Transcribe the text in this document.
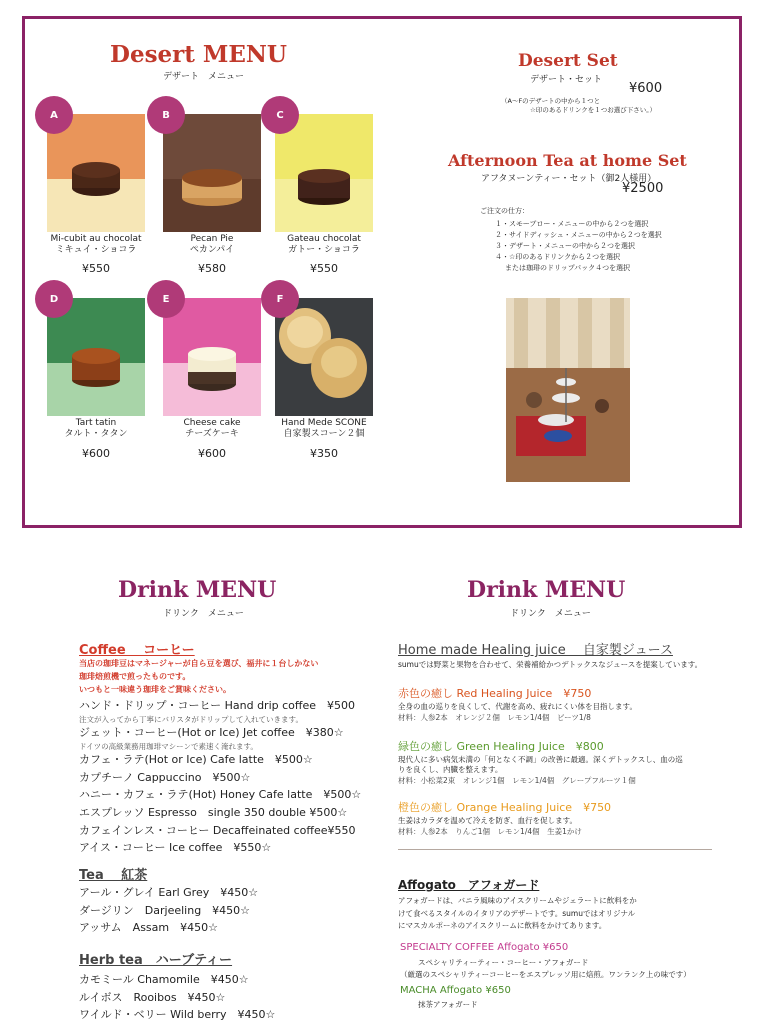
Desert MENU
デザート　メニュー
A	B	C
Mi-cubit au chocolat
ミキュイ・ショコラ
Pecan Pie
ペカンパイ
Gateau chocolat
ガトー・ショコラ
¥550	¥580	¥550
D	E	F
Tart tatin
タルト・タタン
Cheese cake
チーズケーキ
Hand Mede SCONE
自家製スコーン２個
¥600	¥600	¥350
Desert Set
デザート・セット
¥600
（A〜Fのデザートの中から１つと
☆印のあるドリンクを１つお選び下さい。）
Afternoon Tea at home Set
アフタヌーンティー・セット（御2人様用）
¥2500
ご注文の仕方：
１・スモーブロー・メニューの中から２つを選択
２・サイドディッシュ・メニューの中から２つを選択
３・デザート・メニューの中から２つを選択
４・☆印のあるドリンクから２つを選択
または珈琲のドリップパック４つを選択
Drink MENU
ドリンク　メニュー
Coffee　 コーヒー
当店の珈琲豆はマネージャーが自ら豆を選び、福井に１台しかない
珈琲焙煎機で煎ったものです。
いつもと一味違う珈琲をご賞味ください。
ハンド・ドリップ・コーヒー Hand drip coffee　¥500
注文が入ってから丁寧にバリスタがドリップして入れていきます。
ジェット・コーヒー(Hot or Ice) Jet coffee　¥380☆
ドイツの高級業務用珈琲マシーンで素速く淹れます。
カフェ・ラテ(Hot or Ice) Cafe latte　¥500☆
カプチーノ Cappuccino　¥500☆
ハニー・カフェ・ラテ(Hot) Honey Cafe latte　¥500☆
エスプレッソ Espresso　single 350 double ¥500☆
カフェインレス・コーヒー Decaffeinated coffee¥550
アイス・コーヒー Ice coffee　¥550☆
Tea　 紅茶
アール・グレイ Earl Grey　¥450☆
ダージリン　Darjeeling　¥450☆
アッサム　Assam　¥450☆
Herb tea　ハーブティー
カモミール Chamomile　¥450☆
ルイボス　Rooibos　¥450☆
ワイルド・ベリー Wild berry　¥450☆
Drink MENU
ドリンク　メニュー
Home made Healing juice　 自家製ジュース
sumuでは野菜と果物を合わせて、栄養補給かつデトックスなジュースを提案しています。
赤色の癒し Red Healing Juice　¥750
全身の血の巡りを良くして、代謝を高め、疲れにくい体を目指します。
材料：人参2本　オレンジ２個　レモン1/4個　ビーツ1/8
緑色の癒し Green Healing Juice　¥800
現代人に多い病気未満の「何となく不調」の改善に最適。深くデトックスし、血の巡
りを良くし、内臓を整えます。
材料：小松菜2束　オレンジ1個　レモン1/4個　グレープフルーツ１個
橙色の癒し Orange Healing Juice　¥750
生姜はカラダを温めて冷えを防ぎ、血行を促します。
材料：人参2本　りんご1個　レモン1/4個　生姜1かけ
Affogato　アフォガード
アフォガードは、バニラ風味のアイスクリームやジェラートに飲料をか
けて食べるスタイルのイタリアのデザートです。sumuではオリジナル
にマスカルポーネのアイスクリームに飲料をかけてあります。
SPECIALTY COFFEE Affogato ¥650
スペシャリティーティー・コーヒー・アフォガード
（厳選のスペシャリティーコーヒーをエスプレッソ用に焙煎。ワンランク上の味です）
MACHA Affogato ¥650
抹茶アフォガード
